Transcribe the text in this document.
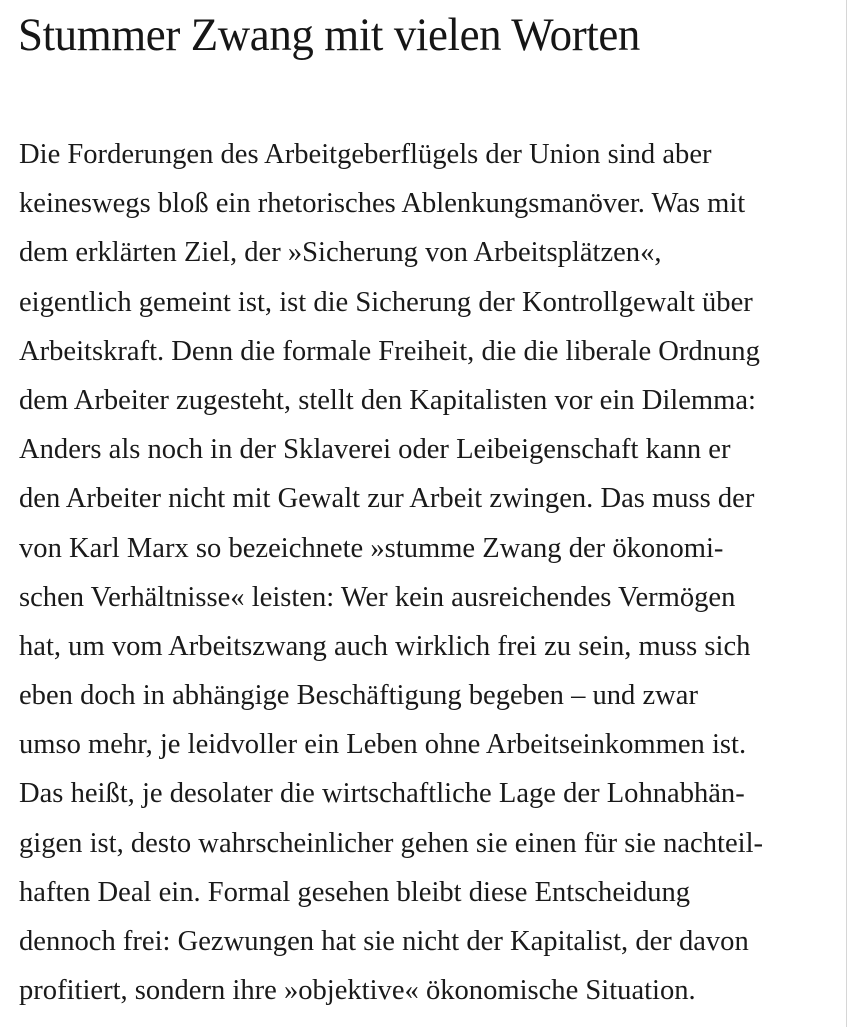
Stummer Zwang mit vielen Worten
Die Forderungen des Arbeitgeberflügels der Union sind aber
keineswegs bloß ein rhetorisches Ablenkungsmanöver. Was mit
dem erklärten Ziel, der »Sicherung von Arbeitsplätzen«,
eigentlich gemeint ist, ist die Sicherung der Kontrollgewalt über
Arbeitskraft. Denn die formale Freiheit, die die liberale Ordnung
dem Arbeiter zugesteht, stellt den Kapitalisten vor ein Dilemma:
Anders als noch in der Sklaverei oder Leibeigenschaft kann er
den Arbeiter nicht mit Gewalt zur Arbeit zwingen. Das muss der
von Karl Marx so bezeichnete »stumme Zwang der ökonomi-
schen Verhältnisse« leisten: Wer kein ausreichendes Vermögen
hat, um vom Arbeitszwang auch wirklich frei zu sein, muss sich
eben doch in abhängige Beschäftigung begeben – und zwar
umso mehr, je leidvoller ein Leben ohne Arbeitseinkommen ist.
Das heißt, je desolater die wirtschaftliche Lage der Lohnabhän-
gigen ist, desto wahrscheinlicher gehen sie einen für sie nachteil-
haften Deal ein. Formal gesehen bleibt diese Entscheidung
dennoch frei: Gezwungen hat sie nicht der Kapitalist, der davon
profitiert, sondern ihre »objektive« ökonomische Situation.
